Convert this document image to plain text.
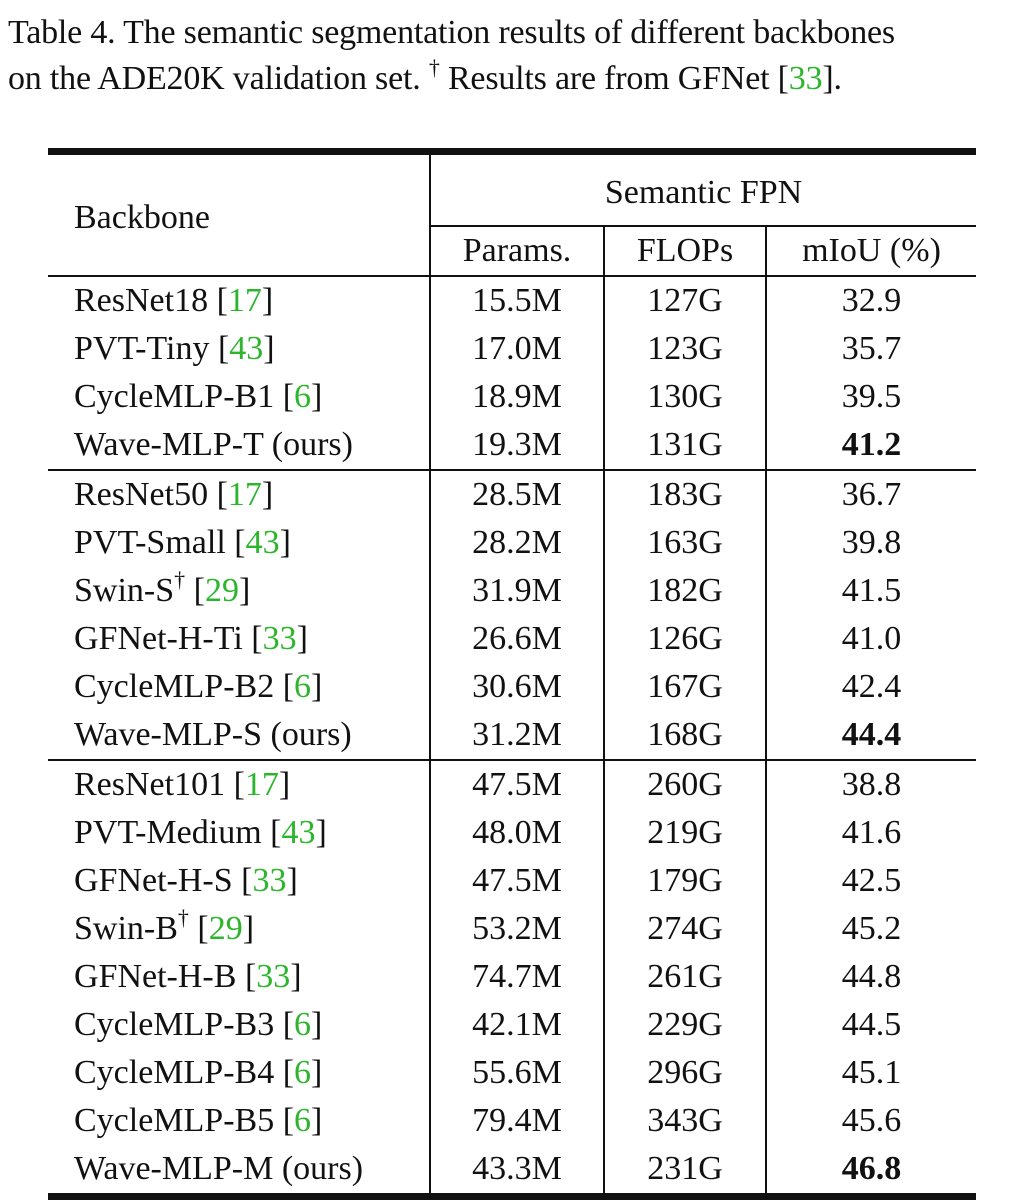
Table 4. The semantic segmentation results of different backbones
on the ADE20K validation set. † Results are from GFNet [33].
Backbone	Semantic FPN		
	Params.	FLOPs	mIoU (%)
ResNet18 [17]	15.5M	127G	32.9
PVT-Tiny [43]	17.0M	123G	35.7
CycleMLP-B1 [6]	18.9M	130G	39.5
Wave-MLP-T (ours)	19.3M	131G	41.2
ResNet50 [17]	28.5M	183G	36.7
PVT-Small [43]	28.2M	163G	39.8
Swin-S† [29]	31.9M	182G	41.5
GFNet-H-Ti [33]	26.6M	126G	41.0
CycleMLP-B2 [6]	30.6M	167G	42.4
Wave-MLP-S (ours)	31.2M	168G	44.4
ResNet101 [17]	47.5M	260G	38.8
PVT-Medium [43]	48.0M	219G	41.6
GFNet-H-S [33]	47.5M	179G	42.5
Swin-B† [29]	53.2M	274G	45.2
GFNet-H-B [33]	74.7M	261G	44.8
CycleMLP-B3 [6]	42.1M	229G	44.5
CycleMLP-B4 [6]	55.6M	296G	45.1
CycleMLP-B5 [6]	79.4M	343G	45.6
Wave-MLP-M (ours)	43.3M	231G	46.8
